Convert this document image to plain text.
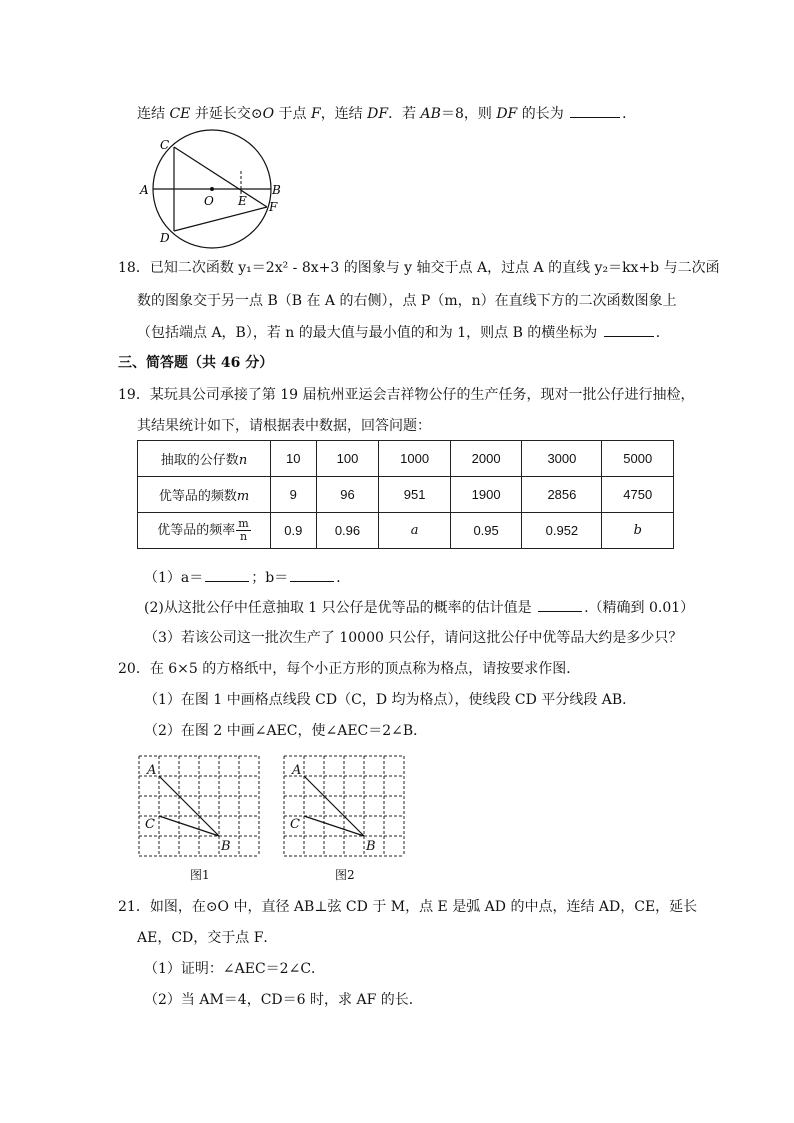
连结 CE 并延长交⊙O 于点 F，连结 DF．若 AB＝8，则 DF 的长为	．
C
A
O E
B
F
D
18．已知二次函数 y₁＝2x² - 8x+3 的图象与 y 轴交于点 A，过点 A 的直线 y₂＝kx+b 与二次函
数的图象交于另一点 B（B 在 A 的右侧），点 P（m，n）在直线下方的二次函数图象上
（包括端点 A，B），若 n 的最大值与最小值的和为 1，则点 B 的横坐标为	．
三、简答题（共 46 分）
19．某玩具公司承接了第 19 届杭州亚运会吉祥物公仔的生产任务，现对一批公仔进行抽检，
其结果统计如下，请根据表中数据，回答问题：
抽取的公仔数n	10	100	1000	2000	3000	5000
优等品的频数m	9	96	951	1900	2856	4750
优等品的频率 $\frac{m}{n}$	0.9	0.96	a	0.95	0.952	b
（1）a＝	；b＝	．
(2)从这批公仔中任意抽取 1 只公仔是优等品的概率的估计值是	.（精确到 0.01）
（3）若该公司这一批次生产了 10000 只公仔，请问这批公仔中优等品大约是多少只？
20．在 6×5 的方格纸中，每个小正方形的顶点称为格点，请按要求作图．
（1）在图 1 中画格点线段 CD（C，D 均为格点），使线段 CD 平分线段 AB．
（2）在图 2 中画∠AEC，使∠AEC＝2∠B．
A
C
B
图1
A
C
B
图2
21．如图，在⊙O 中，直径 AB⊥弦 CD 于 M，点 E 是弧 AD 的中点，连结 AD，CE，延长
AE，CD，交于点 F．
（1）证明：∠AEC＝2∠C．
（2）当 AM＝4，CD＝6 时，求 AF 的长．
